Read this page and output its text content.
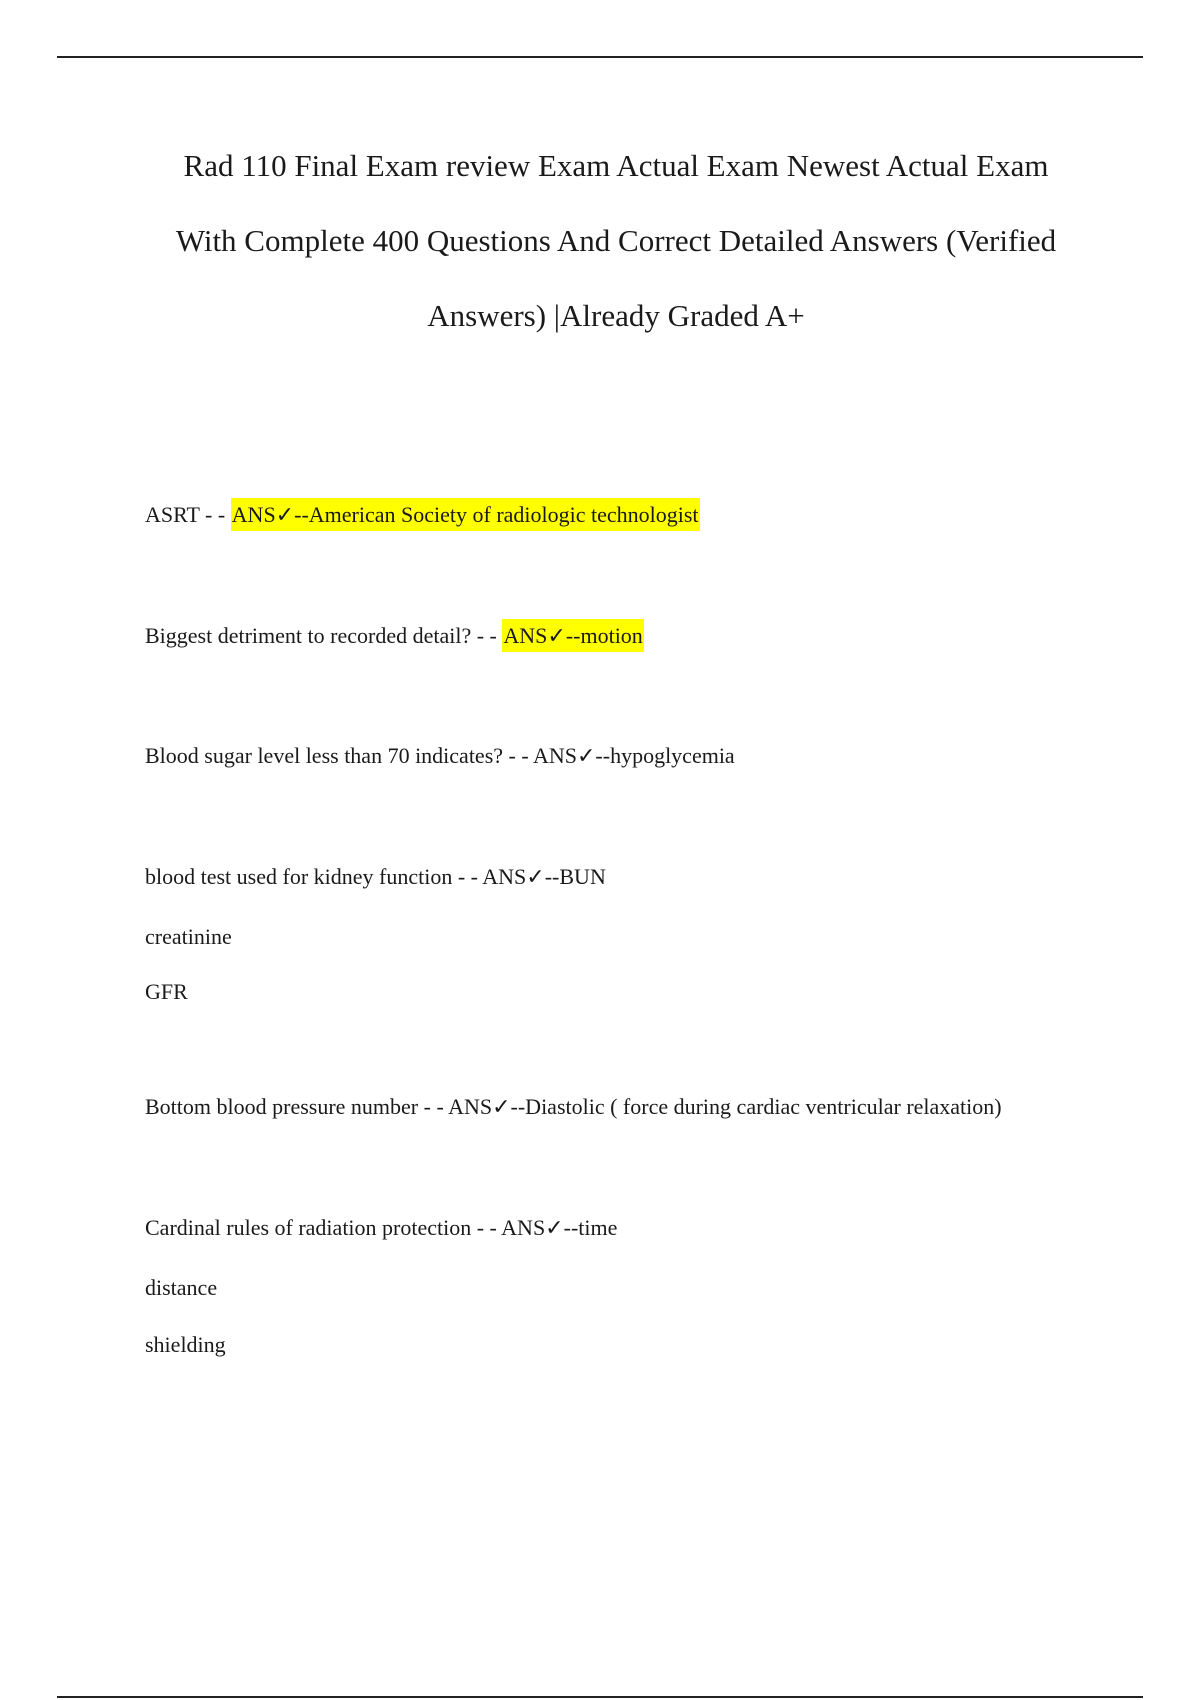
Rad 110 Final Exam review Exam Actual Exam Newest Actual Exam
With Complete 400 Questions And Correct Detailed Answers (Verified
Answers) |Already Graded A+
ASRT - - ANS✓--American Society of radiologic technologist
Biggest detriment to recorded detail? - - ANS✓--motion
Blood sugar level less than 70 indicates? - - ANS✓--hypoglycemia
blood test used for kidney function - - ANS✓--BUN
creatinine
GFR
Bottom blood pressure number - - ANS✓--Diastolic ( force during cardiac ventricular relaxation)
Cardinal rules of radiation protection - - ANS✓--time
distance
shielding
